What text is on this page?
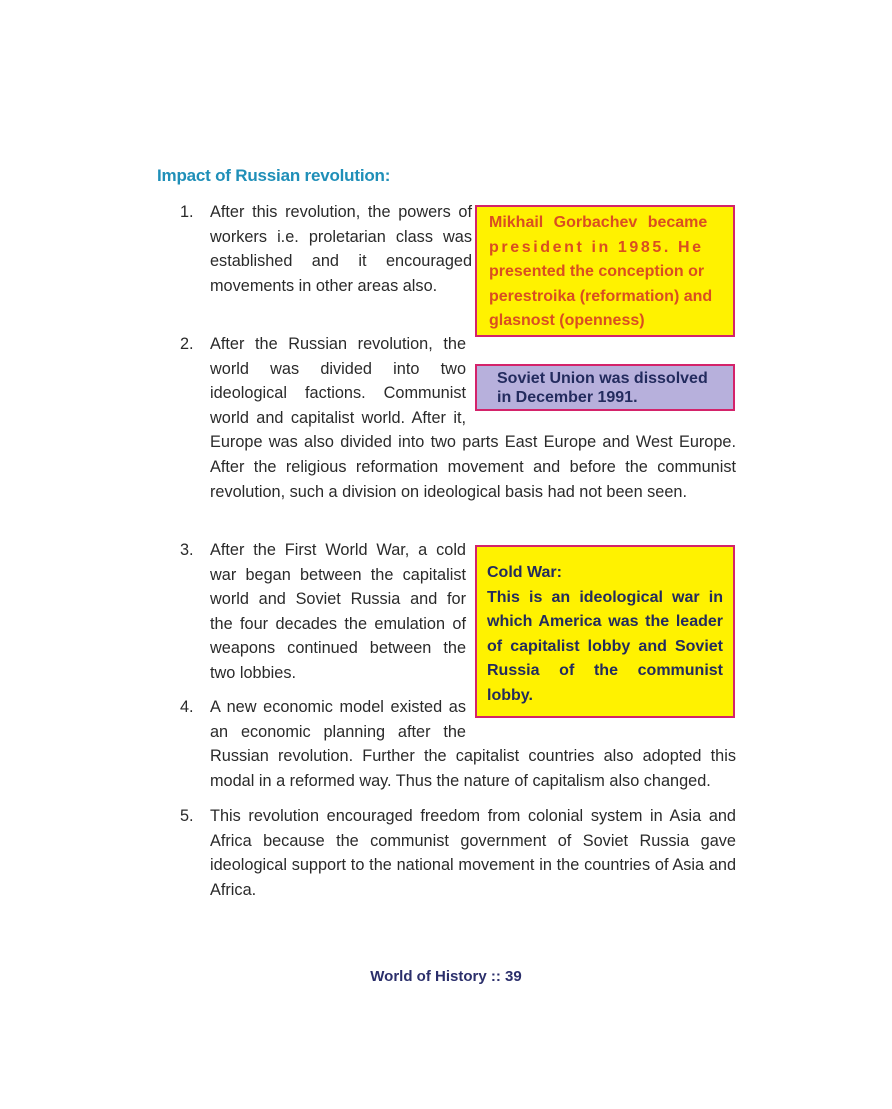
Impact of Russian revolution:
1.	After this revolution, the powers of workers i.e. proletarian class was established and it encouraged movements in other areas also.
2.	After the Russian revolution, the world was divided into two ideological factions. Communist world and capitalist world. After it, Europe was also divided into two parts East Europe and West Europe. After the religious reformation movement and before the communist revolution, such a division on ideological basis had not been seen.
3.	After the First World War, a cold war began between the capitalist world and Soviet Russia and for the four decades the emulation of weapons continued between the two lobbies.
4.	A new economic model existed as an economic planning after the Russian revolution. Further the capitalist countries also adopted this modal in a reformed way. Thus the nature of capitalism also changed.
5.	This revolution encouraged freedom from colonial system in Asia and Africa because the communist government of Soviet Russia gave ideological support to the national movement in the countries of Asia and Africa.
Mikhail Gorbachev became
president in 1985. He
presented the conception or
perestroika (reformation) and
glasnost (openness)
Soviet Union was dissolved in December 1991.
Cold War:
This is an ideological war in
which America was the leader
of capitalist lobby and Soviet
Russia of the communist
lobby.
World of History :: 39
